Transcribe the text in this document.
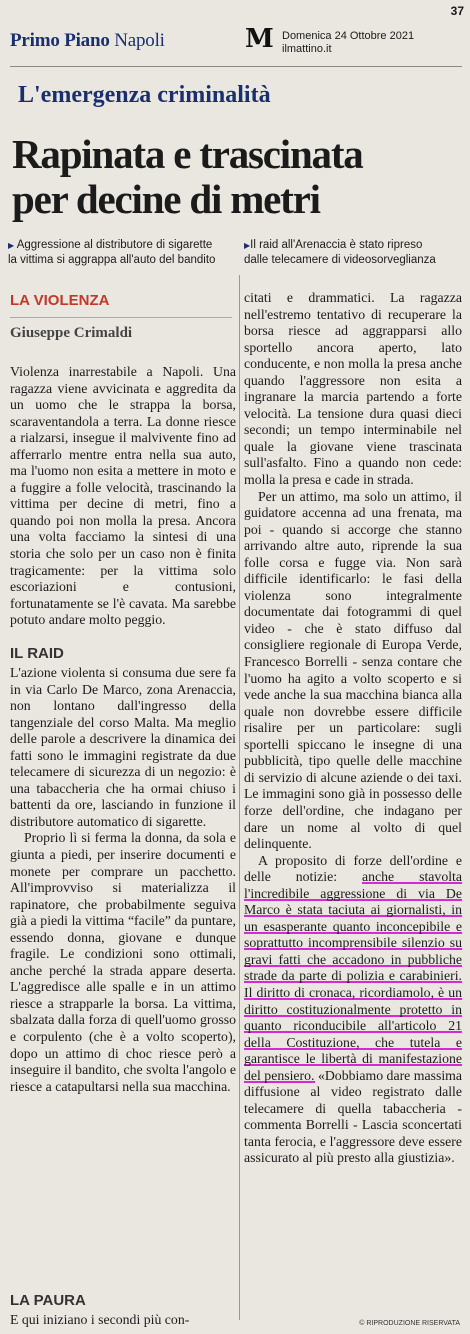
37
Primo Piano Napoli	M Domenica 24 Ottobre 2021
ilmattino.it
L'emergenza criminalità
Rapinata e trascinata
per decine di metri
▶ Aggressione al distributore di sigarette
la vittima si aggrappa all'auto del bandito
▶Il raid all'Arenaccia è stato ripreso
dalle telecamere di videosorveglianza
LA VIOLENZA
Giuseppe Crimaldi

Violenza inarrestabile a Napoli. Una ragazza viene avvicinata e aggredita da un uomo che le strappa la borsa, scaraventandola a terra. La donne riesce a rialzarsi, insegue il malvivente fino ad afferrarlo mentre entra nella sua auto, ma l'uomo non esita a mettere in moto e a fuggire a folle velocità, trascinando la vittima per decine di metri, fino a quando poi non molla la presa. Ancora una volta facciamo la sintesi di una storia che solo per un caso non è finita tragicamente: per la vittima solo escoriazioni e contusioni, fortunatamente se l'è cavata. Ma sarebbe potuto andare molto peggio.

IL RAID

L'azione violenta si consuma due sere fa in via Carlo De Marco, zona Arenaccia, non lontano dall'ingresso della tangenziale del corso Malta. Ma meglio delle parole a descrivere la dinamica dei fatti sono le immagini registrate da due telecamere di sicurezza di un negozio: è una tabaccheria che ha ormai chiuso i battenti da ore, lasciando in funzione il distributore automatico di sigarette.

Proprio lì si ferma la donna, da sola e giunta a piedi, per inserire documenti e monete per comprare un pacchetto. All'improvviso si materializza il rapinatore, che probabilmente seguiva già a piedi la vittima “facile” da puntare, essendo donna, giovane e dunque fragile. Le condizioni sono ottimali, anche perché la strada appare deserta. L'aggredisce alle spalle e in un attimo riesce a strapparle la borsa. La vittima, sbalzata dalla forza di quell'uomo grosso e corpulento (che è a volto scoperto), dopo un attimo di choc riesce però a inseguire il bandito, che svolta l'angolo e riesce a catapultarsi nella sua macchina.

LA PAURA

E qui iniziano i secondi più con-

citati e drammatici. La ragazza nell'estremo tentativo di recuperare la borsa riesce ad aggrapparsi allo sportello ancora aperto, lato conducente, e non molla la presa anche quando l'aggressore non esita a ingranare la marcia partendo a forte velocità. La tensione dura quasi dieci secondi; un tempo interminabile nel quale la giovane viene trascinata sull'asfalto. Fino a quando non cede: molla la presa e cade in strada.

Per un attimo, ma solo un attimo, il guidatore accenna ad una frenata, ma poi - quando si accorge che stanno arrivando altre auto, riprende la sua folle corsa e fugge via. Non sarà difficile identificarlo: le fasi della violenza sono integralmente documentate dai fotogrammi di quel video - che è stato diffuso dal consigliere regionale di Europa Verde, Francesco Borrelli - senza contare che l'uomo ha agito a volto scoperto e si vede anche la sua macchina bianca alla quale non dovrebbe essere difficile risalire per un particolare: sugli sportelli spiccano le insegne di una pubblicità, tipo quelle delle macchine di servizio di alcune aziende o dei taxi. Le immagini sono già in possesso delle forze dell'ordine, che indagano per dare un nome al volto di quel delinquente.

A proposito di forze dell'ordine e delle notizie: anche stavolta l'incredibile aggressione di via De Marco è stata taciuta ai giornalisti, in un esasperante quanto inconcepibile e soprattutto incomprensibile silenzio su gravi fatti che accadono in pubbliche strade da parte di polizia e carabinieri. Il diritto di cronaca, ricordiamolo, è un diritto costituzionalmente protetto in quanto riconducibile all'articolo 21 della Costituzione, che tutela e garantisce le libertà di manifestazione del pensiero. «Dobbiamo dare massima diffusione al video registrato dalle telecamere di quella tabaccheria - commenta Borrelli - Lascia sconcertati tanta ferocia, e l'aggressore deve essere assicurato al più presto alla giustizia».

© RIPRODUZIONE RISERVATA
